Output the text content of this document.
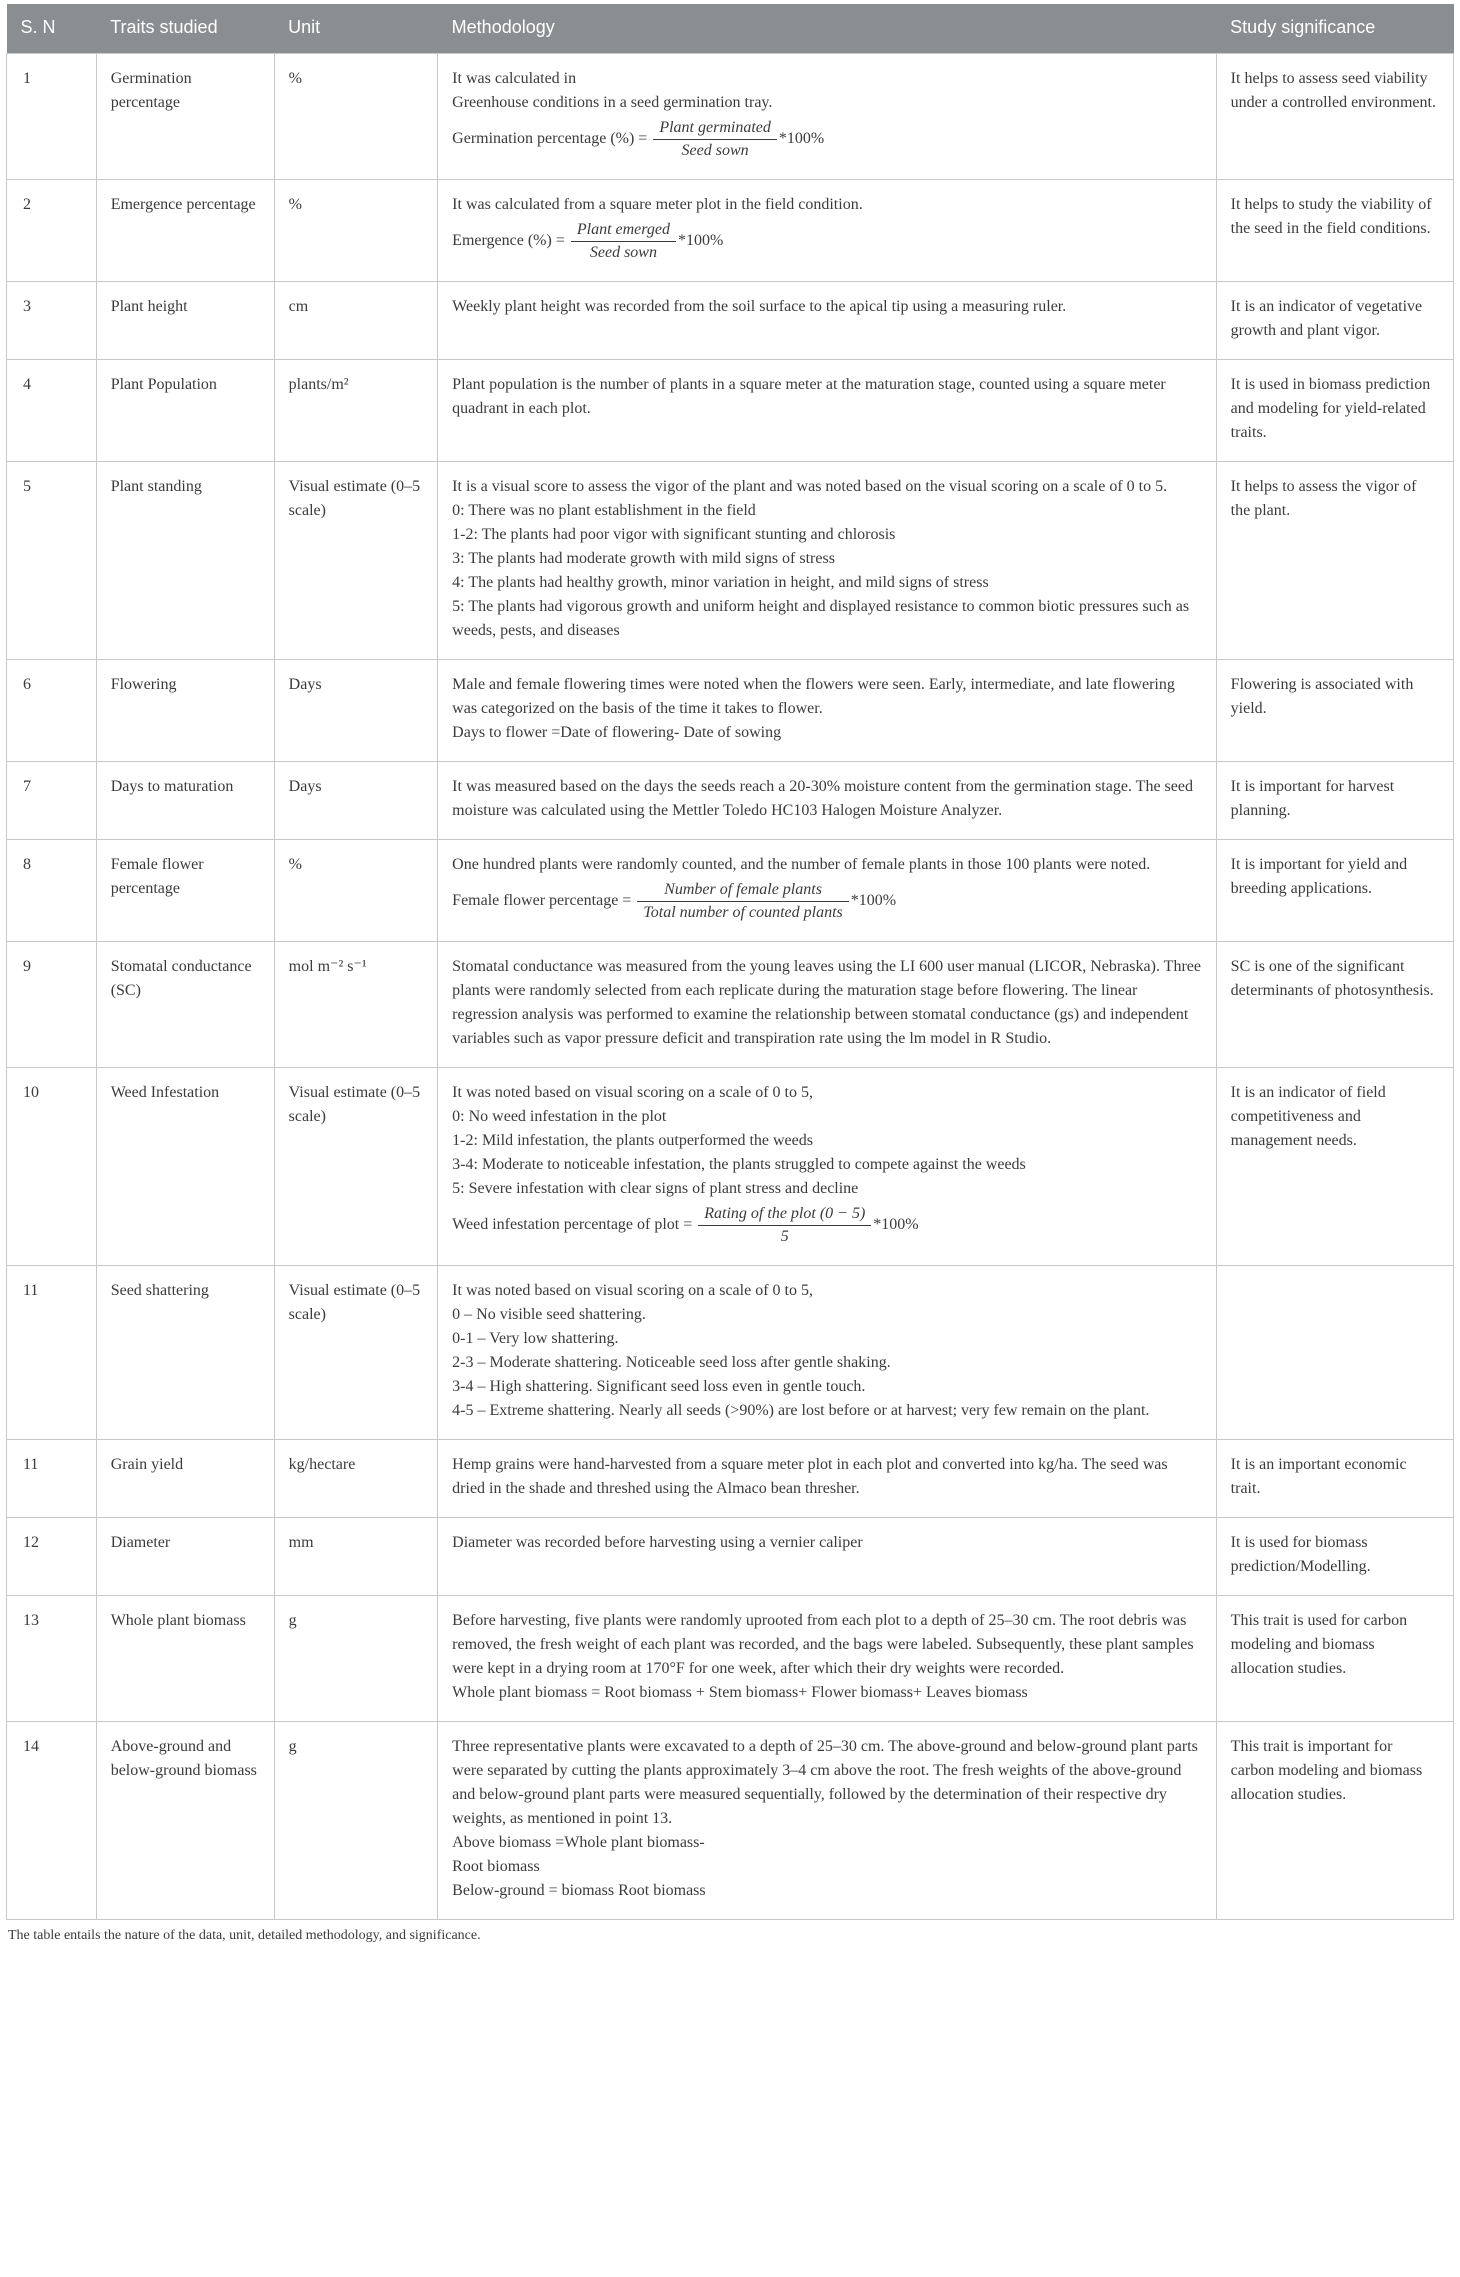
S. N	Traits studied	Unit	Methodology	Study significance
1	Germination percentage	%	It was calculated in
Greenhouse conditions in a seed germination tray.
Germination percentage (%) = $\frac{\text{Plant germinated}}{\text{Seed sown}} *100\%$
	It helps to assess seed viability under a controlled environment.
2	Emergence percentage	%	It was calculated from a square meter plot in the field condition.
Emergence (%) = $\frac{\text{Plant emerged}}{\text{Seed sown}} *100\%$	It helps to study the viability of the seed in the field conditions.
3	Plant height	cm	Weekly plant height was recorded from the soil surface to the apical tip using a measuring ruler.	It is an indicator of vegetative growth and plant vigor.
4	Plant Population	plants/m²	Plant population is the number of plants in a square meter at the maturation stage, counted using a square meter quadrant in each plot.	It is used in biomass prediction and modeling for yield-related traits.
5	Plant standing	Visual estimate (0–5 scale)	
It is a visual score to assess the vigor of the plant and was noted based on the visual scoring on a scale of 0 to 5.
0: There was no plant establishment in the field
1-2: The plants had poor vigor with significant stunting and chlorosis
3: The plants had moderate growth with mild signs of stress
4: The plants had healthy growth, minor variation in height, and mild signs of stress
5: The plants had vigorous growth and uniform height and displayed resistance to common biotic pressures such as weeds, pests, and diseases
	It helps to assess the vigor of the plant.
6	Flowering	Days	Male and female flowering times were noted when the flowers were seen. Early, intermediate, and late flowering was categorized on the basis of the time it takes to flower.
Days to flower =Date of flowering- Date of sowing	Flowering is associated with yield.
7	Days to maturation	Days	It was measured based on the days the seeds reach a 20-30% moisture content from the germination stage. The seed moisture was calculated using the Mettler Toledo HC103 Halogen Moisture Analyzer.	It is important for harvest planning.
8	Female flower percentage	%	One hundred plants were randomly counted, and the number of female plants in those 100 plants were noted.
Female flower percentage = $\frac{\text{Number of female plants}}{\text{Total number of counted plants}} *100\%$	It is important for yield and breeding applications.
9	Stomatal conductance (SC)	mol m⁻² s⁻¹	Stomatal conductance was measured from the young leaves using the LI 600 user manual (LICOR, Nebraska). Three plants were randomly selected from each replicate during the maturation stage before flowering. The linear regression analysis was performed to examine the relationship between stomatal conductance (gs) and independent variables such as vapor pressure deficit and transpiration rate using the lm model in R Studio.	SC is one of the significant determinants of photosynthesis.
10	Weed Infestation	Visual estimate (0–5 scale)	
It was noted based on visual scoring on a scale of 0 to 5,
0: No weed infestation in the plot
1-2: Mild infestation, the plants outperformed the weeds
3-4: Moderate to noticeable infestation, the plants struggled to compete against the weeds
5: Severe infestation with clear signs of plant stress and decline
Weed infestation percentage of plot = $\frac{\text{Rating of the plot (0 − 5)}}{5} *100\%$
	It is an indicator of field competitiveness and management needs.
11	Seed shattering	Visual estimate (0–5 scale)	
It was noted based on visual scoring on a scale of 0 to 5,
0 – No visible seed shattering.
0-1 – Very low shattering.
2-3 – Moderate shattering. Noticeable seed loss after gentle shaking.
3-4 – High shattering. Significant seed loss even in gentle touch.
4-5 – Extreme shattering. Nearly all seeds (>90%) are lost before or at harvest; very few remain on the plant.

11	Grain yield	kg/hectare	Hemp grains were hand-harvested from a square meter plot in each plot and converted into kg/ha. The seed was dried in the shade and threshed using the Almaco bean thresher.	It is an important economic trait.
12	Diameter	mm	Diameter was recorded before harvesting using a vernier caliper	It is used for biomass prediction/Modelling.
13	Whole plant biomass	g	Before harvesting, five plants were randomly uprooted from each plot to a depth of 25–30 cm. The root debris was removed, the fresh weight of each plant was recorded, and the bags were labeled. Subsequently, these plant samples were kept in a drying room at 170°F for one week, after which their dry weights were recorded.
Whole plant biomass = Root biomass + Stem biomass+ Flower biomass+ Leaves biomass	This trait is used for carbon modeling and biomass allocation studies.
14	Above-ground and below-ground biomass	g	Three representative plants were excavated to a depth of 25–30 cm. The above-ground and below-ground plant parts were separated by cutting the plants approximately 3–4 cm above the root. The fresh weights of the above-ground and below-ground plant parts were measured sequentially, followed by the determination of their respective dry weights, as mentioned in point 13.
Above biomass =Whole plant biomass-
Root biomass
Below-ground = biomass Root biomass	This trait is important for carbon modeling and biomass allocation studies.
The table entails the nature of the data, unit, detailed methodology, and significance.
